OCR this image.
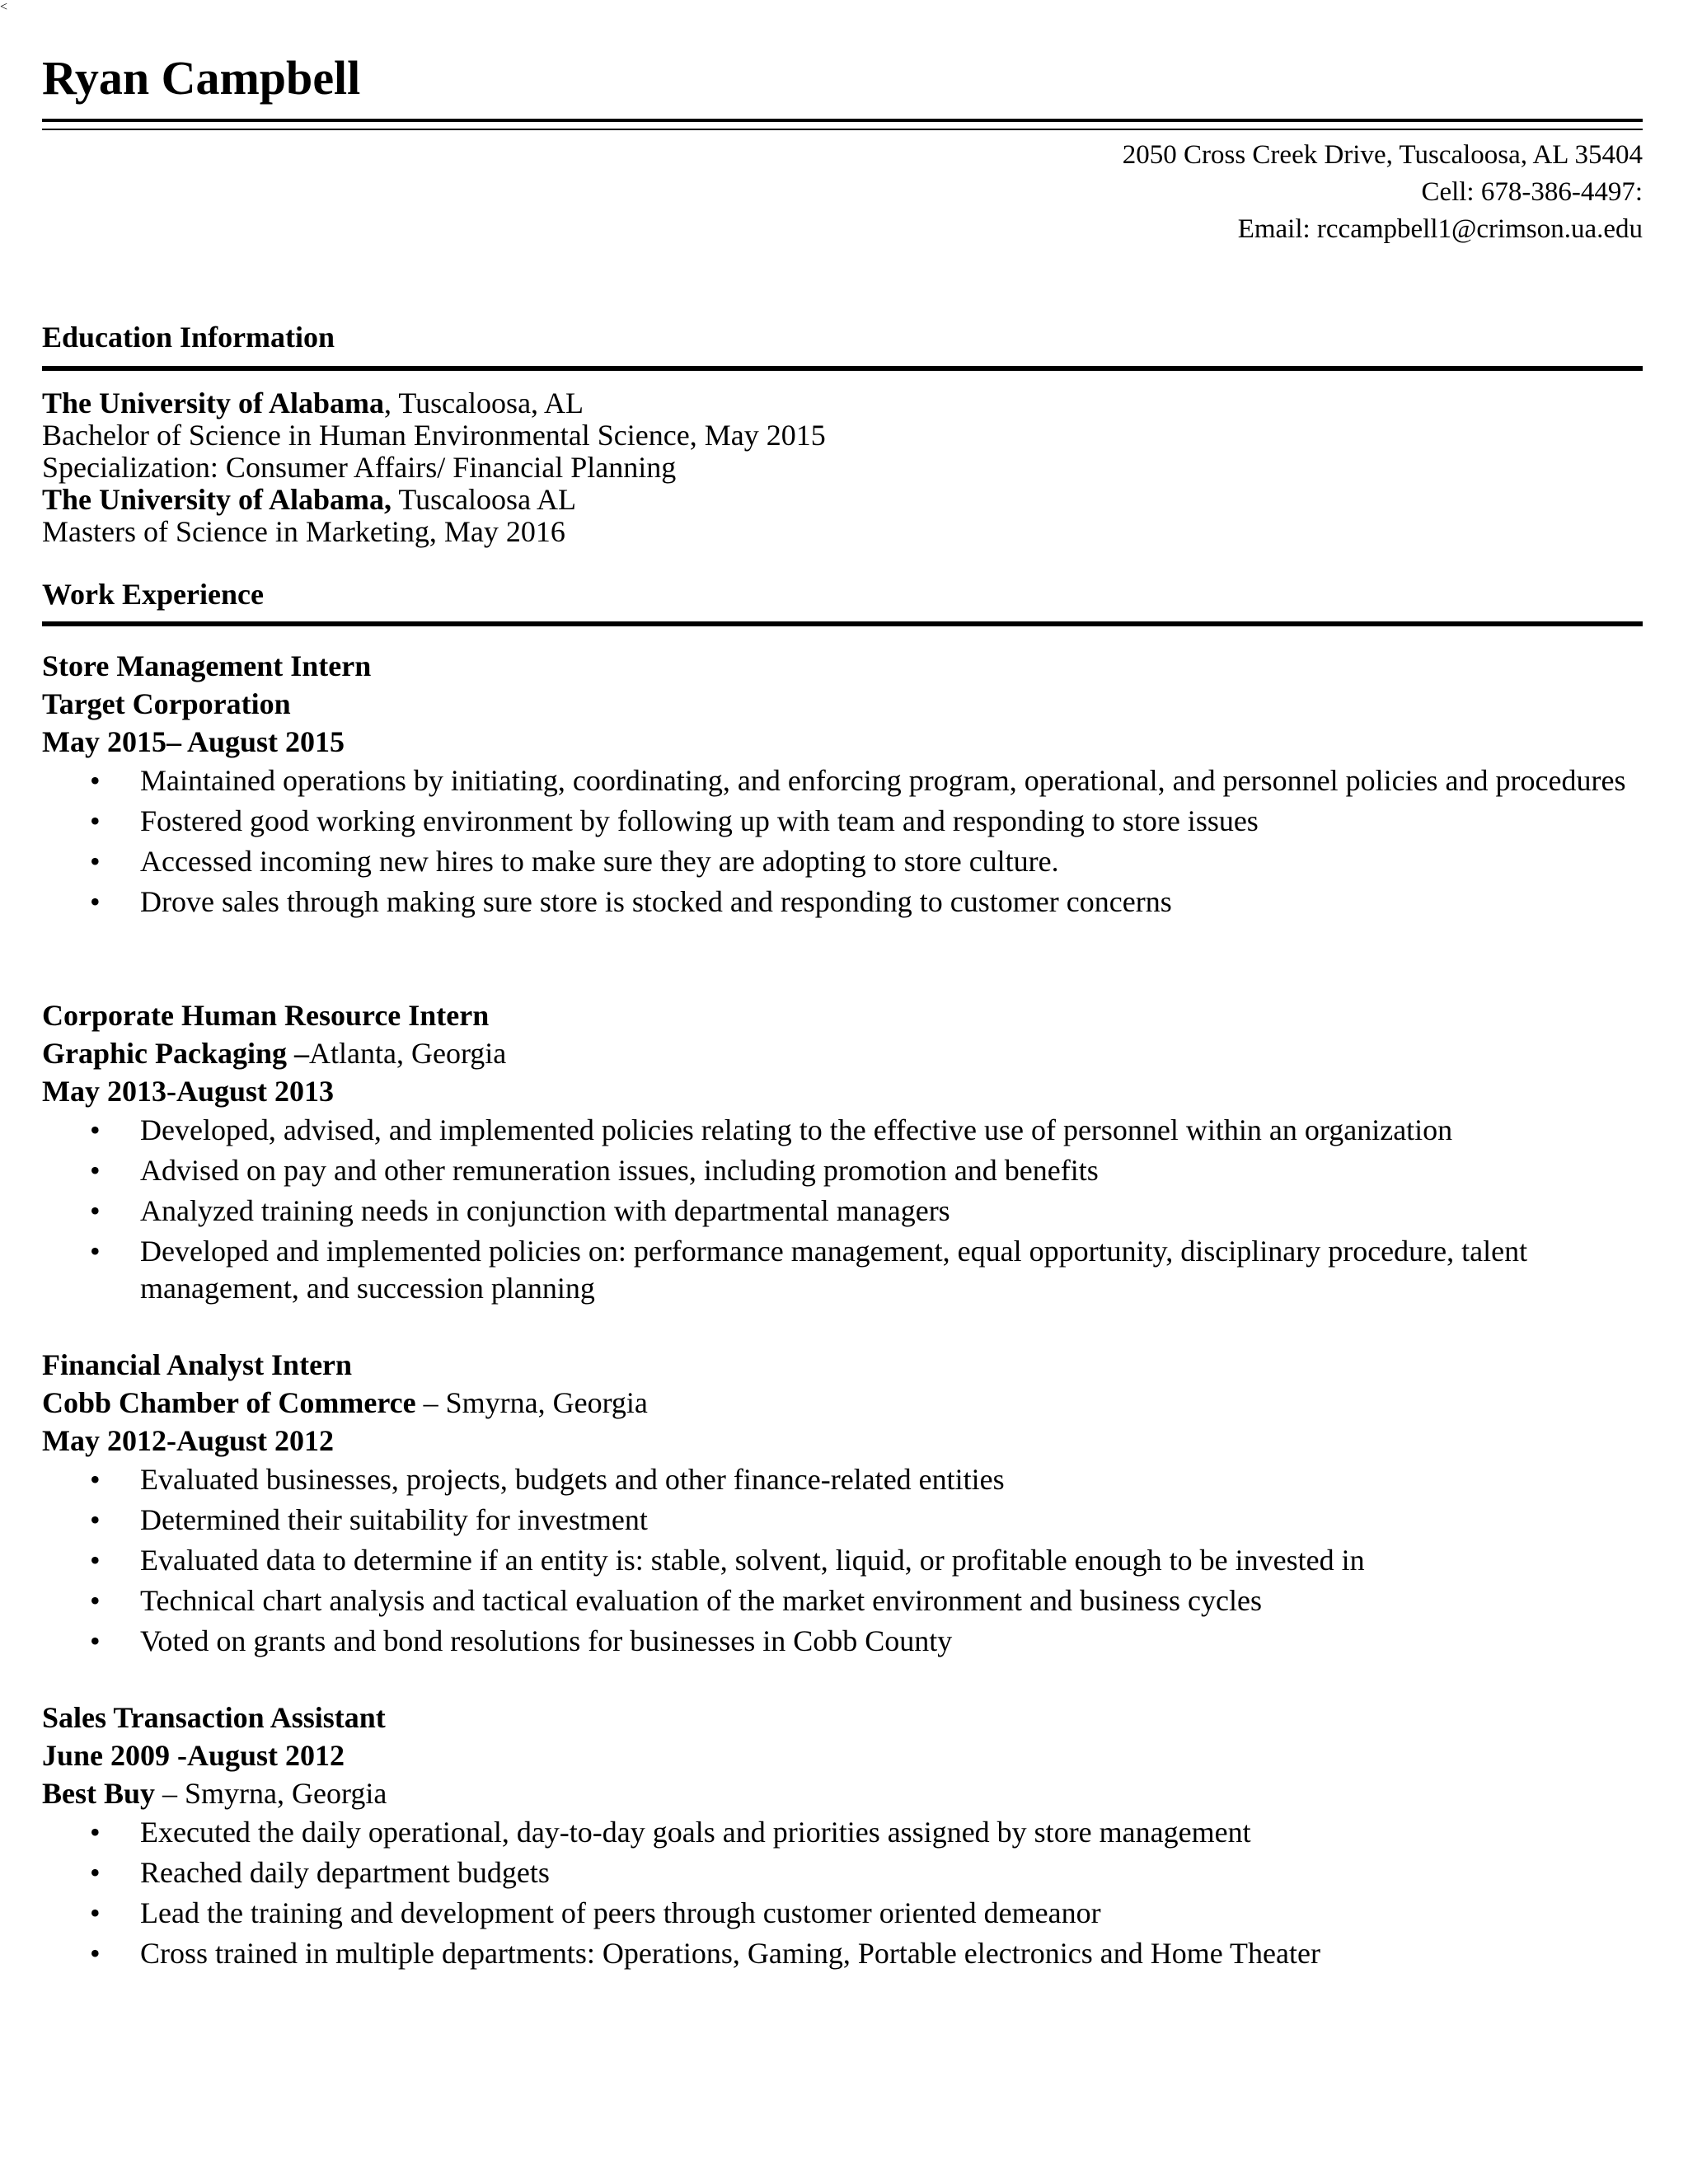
Ryan Campbell
2050 Cross Creek Drive, Tuscaloosa, AL 35404
Cell: 678-386-4497:
Email: rccampbell1@crimson.ua.edu
Education Information
The University of Alabama, Tuscaloosa, AL
Bachelor of Science in Human Environmental Science, May 2015
Specialization: Consumer Affairs/ Financial Planning
The University of Alabama, Tuscaloosa AL
Masters of Science in Marketing, May 2016
Work Experience
Store Management Intern
Target Corporation
May 2015– August 2015
• Maintained operations by initiating, coordinating, and enforcing program, operational, and personnel policies and procedures
• Fostered good working environment by following up with team and responding to store issues
• Accessed incoming new hires to make sure they are adopting to store culture.
• Drove sales through making sure store is stocked and responding to customer concerns
Corporate Human Resource Intern
Graphic Packaging –Atlanta, Georgia
May 2013-August 2013
• Developed, advised, and implemented policies relating to the effective use of personnel within an organization
• Advised on pay and other remuneration issues, including promotion and benefits
• Analyzed training needs in conjunction with departmental managers
• Developed and implemented policies on: performance management, equal opportunity, disciplinary procedure, talent management, and succession planning
<
Financial Analyst Intern
Cobb Chamber of Commerce – Smyrna, Georgia
May 2012-August 2012
• Evaluated businesses, projects, budgets and other finance-related entities
• Determined their suitability for investment
• Evaluated data to determine if an entity is: stable, solvent, liquid, or profitable enough to be invested in
• Technical chart analysis and tactical evaluation of the market environment and business cycles
• Voted on grants and bond resolutions for businesses in Cobb County
Sales Transaction Assistant
June 2009 -August 2012
Best Buy – Smyrna, Georgia
• Executed the daily operational, day-to-day goals and priorities assigned by store management
• Reached daily department budgets
• Lead the training and development of peers through customer oriented demeanor
• Cross trained in multiple departments: Operations, Gaming, Portable electronics and Home Theater
